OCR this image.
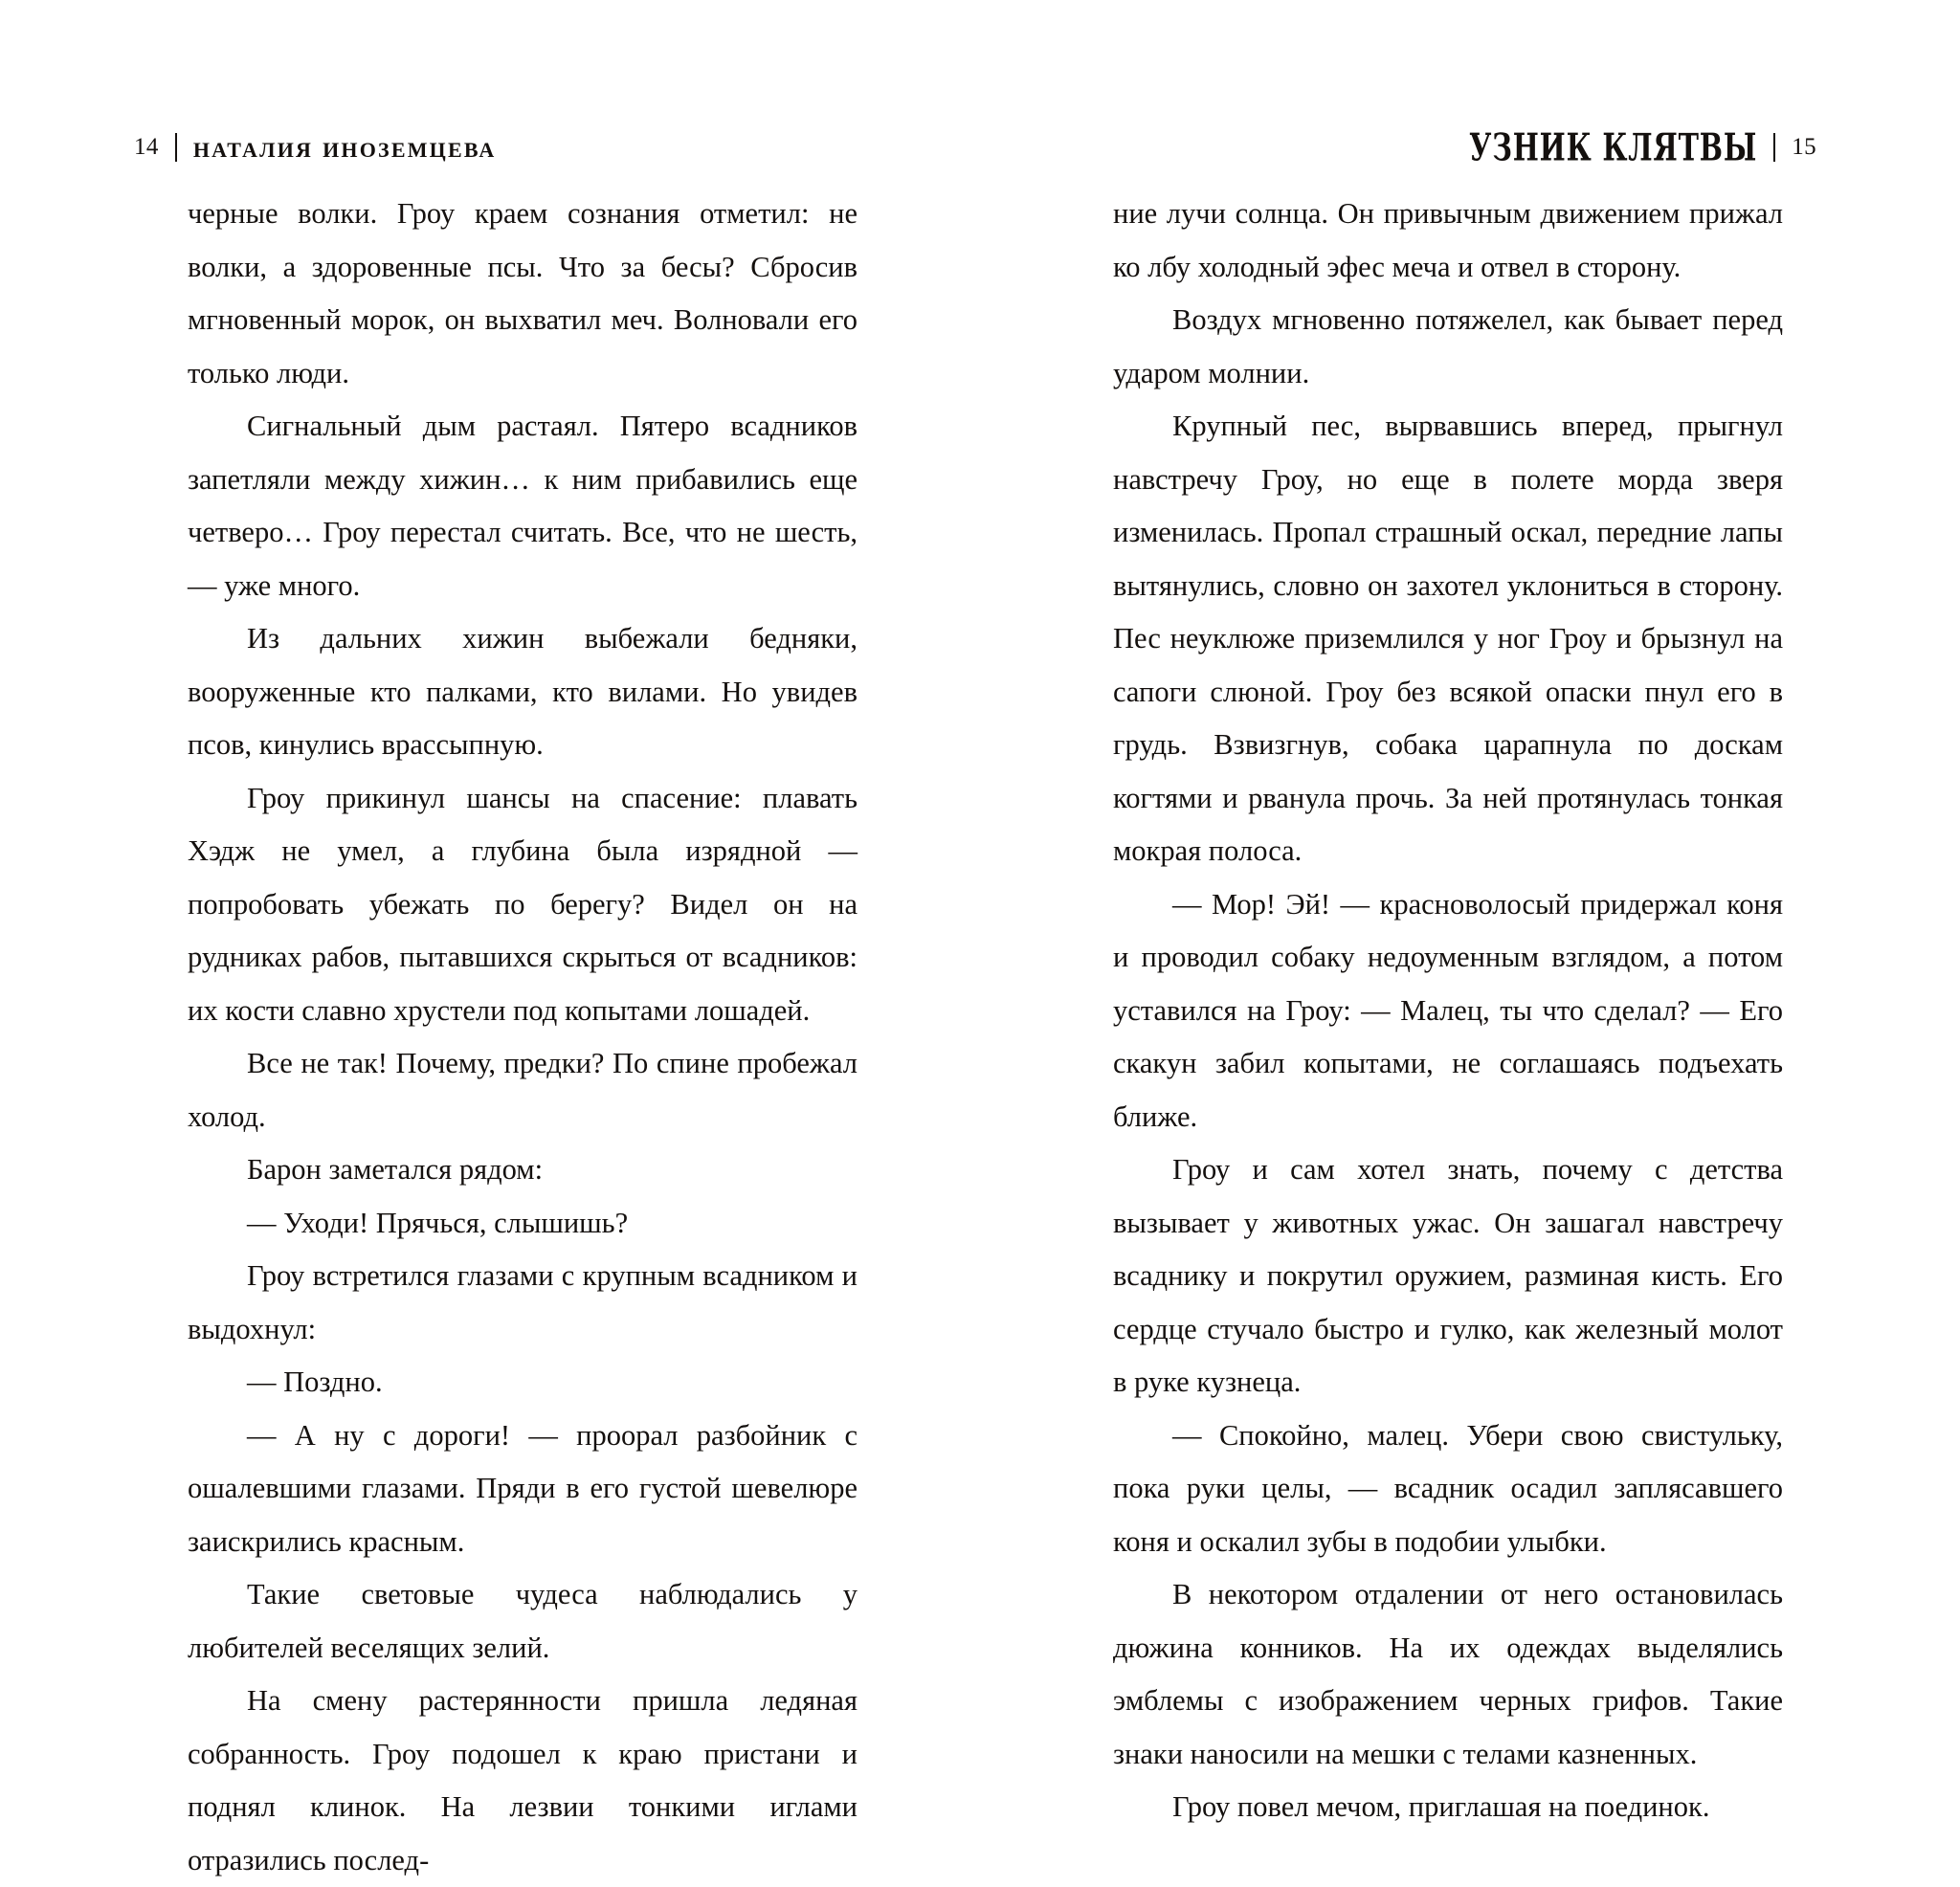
14 наталия иноземцева	УЗНИК КЛЯТВЫ 15

черные волки. Гроу краем сознания отметил: не волки, а здоровенные псы. Что за бесы? Сбросив мгновенный морок, он выхватил меч. Волновали его только люди.

Сигнальный дым растаял. Пятеро всадников запетляли между хижин… к ним прибавились еще четверо… Гроу перестал считать. Все, что не шесть, — уже много.

Из дальних хижин выбежали бедняки, вооруженные кто палками, кто вилами. Но увидев псов, кинулись врассыпную.

Гроу прикинул шансы на спасение: плавать Хэдж не умел, а глубина была изрядной — попробовать убежать по берегу? Видел он на рудниках рабов, пытавшихся скрыться от всадников: их кости славно хрустели под копытами лошадей.

Все не так! Почему, предки? По спине пробежал холод.

Барон заметался рядом:

— Уходи! Прячься, слышишь?

Гроу встретился глазами с крупным всадником и выдохнул:

— Поздно.

— А ну с дороги! — проорал разбойник с ошалевшими глазами. Пряди в его густой шевелюре заискрились красным.

Такие световые чудеса наблюдались у любителей веселящих зелий.

На смену растерянности пришла ледяная собранность. Гроу подошел к краю пристани и поднял клинок. На лезвии тонкими иглами отразились послед-

ние лучи солнца. Он привычным движением прижал ко лбу холодный эфес меча и отвел в сторону.

Воздух мгновенно потяжелел, как бывает перед ударом молнии.

Крупный пес, вырвавшись вперед, прыгнул навстречу Гроу, но еще в полете морда зверя изменилась. Пропал страшный оскал, передние лапы вытянулись, словно он захотел уклониться в сторону. Пес неуклюже приземлился у ног Гроу и брызнул на сапоги слюной. Гроу без всякой опаски пнул его в грудь. Взвизгнув, собака царапнула по доскам когтями и рванула прочь. За ней протянулась тонкая мокрая полоса.

— Мор! Эй! — красноволосый придержал коня и проводил собаку недоуменным взглядом, а потом уставился на Гроу: — Малец, ты что сделал? — Его скакун забил копытами, не соглашаясь подъехать ближе.

Гроу и сам хотел знать, почему с детства вызывает у животных ужас. Он зашагал навстречу всаднику и покрутил оружием, разминая кисть. Его сердце стучало быстро и гулко, как железный молот в руке кузнеца.

— Спокойно, малец. Убери свою свистульку, пока руки целы, — всадник осадил заплясавшего коня и оскалил зубы в подобии улыбки.

В некотором отдалении от него остановилась дюжина конников. На их одеждах выделялись эмблемы с изображением черных грифов. Такие знаки наносили на мешки с телами казненных.

Гроу повел мечом, приглашая на поединок.
